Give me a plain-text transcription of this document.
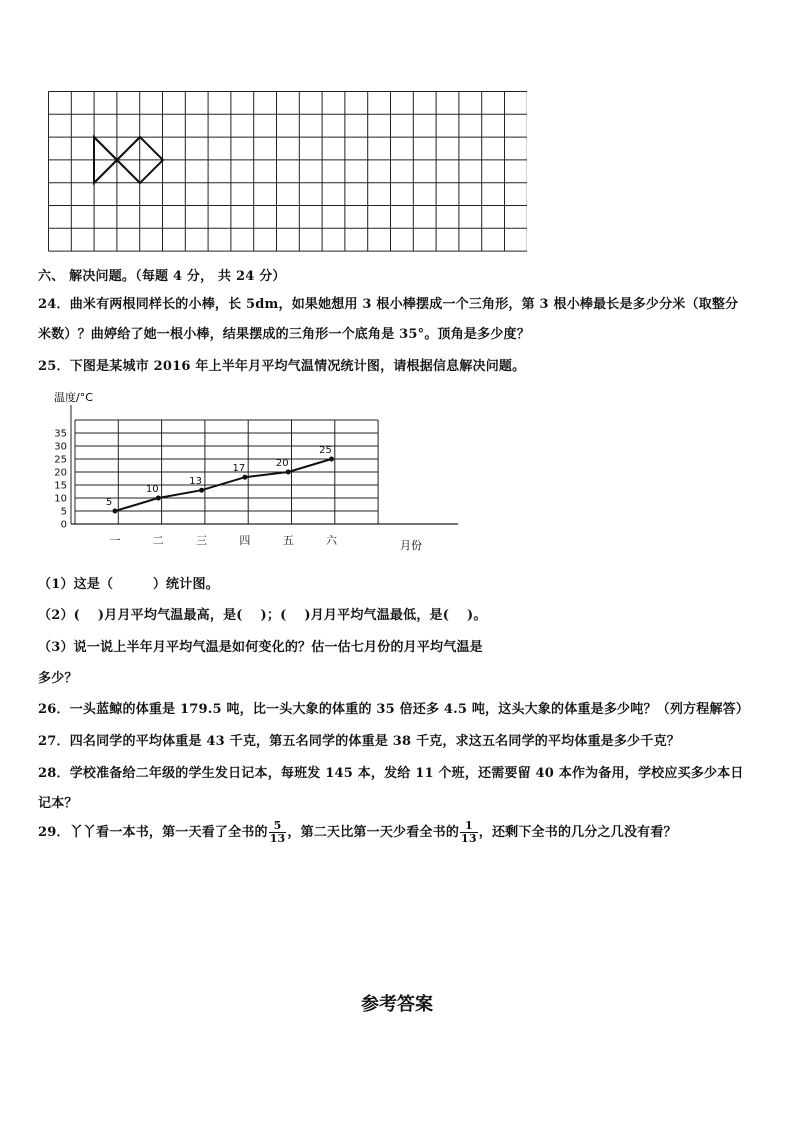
六、 解决问题。（每题 4 分， 共 24 分）
24．曲米有两根同样长的小棒，长 5dm，如果她想用 3 根小棒摆成一个三角形，第 3 根小棒最长是多少分米（取整分
米数）？曲婷给了她一根小棒，结果摆成的三角形一个底角是 35°。顶角是多少度？
25．下图是某城市 2016 年上半年月平均气温情况统计图，请根据信息解决问题。
温度/°C
0
5
10
15
20
25
30
35
一	二	三	四	五	六
5
10
13
17	20
25
月份
（1）这是（　　　）统计图。
（2）(　 )月月平均气温最高，是(　 )；(　 )月月平均气温最低，是(　 )。
（3）说一说上半年月平均气温是如何变化的？估一估七月份的月平均气温是
多少？
26．一头蓝鲸的体重是 179.5 吨，比一头大象的体重的 35 倍还多 4.5 吨，这头大象的体重是多少吨？（列方程解答）
27．四名同学的平均体重是 43 千克，第五名同学的体重是 38 千克，求这五名同学的平均体重是多少千克？
28．学校准备给二年级的学生发日记本，每班发 145 本，发给 11 个班，还需要留 40 本作为备用，学校应买多少本日
记本？
29．丫丫看一本书，第一天看了全书的 $\frac{5}{13}$ ，第二天比第一天少看全书的 $\frac{1}{13}$ ，还剩下全书的几分之几没有看？
参考答案
